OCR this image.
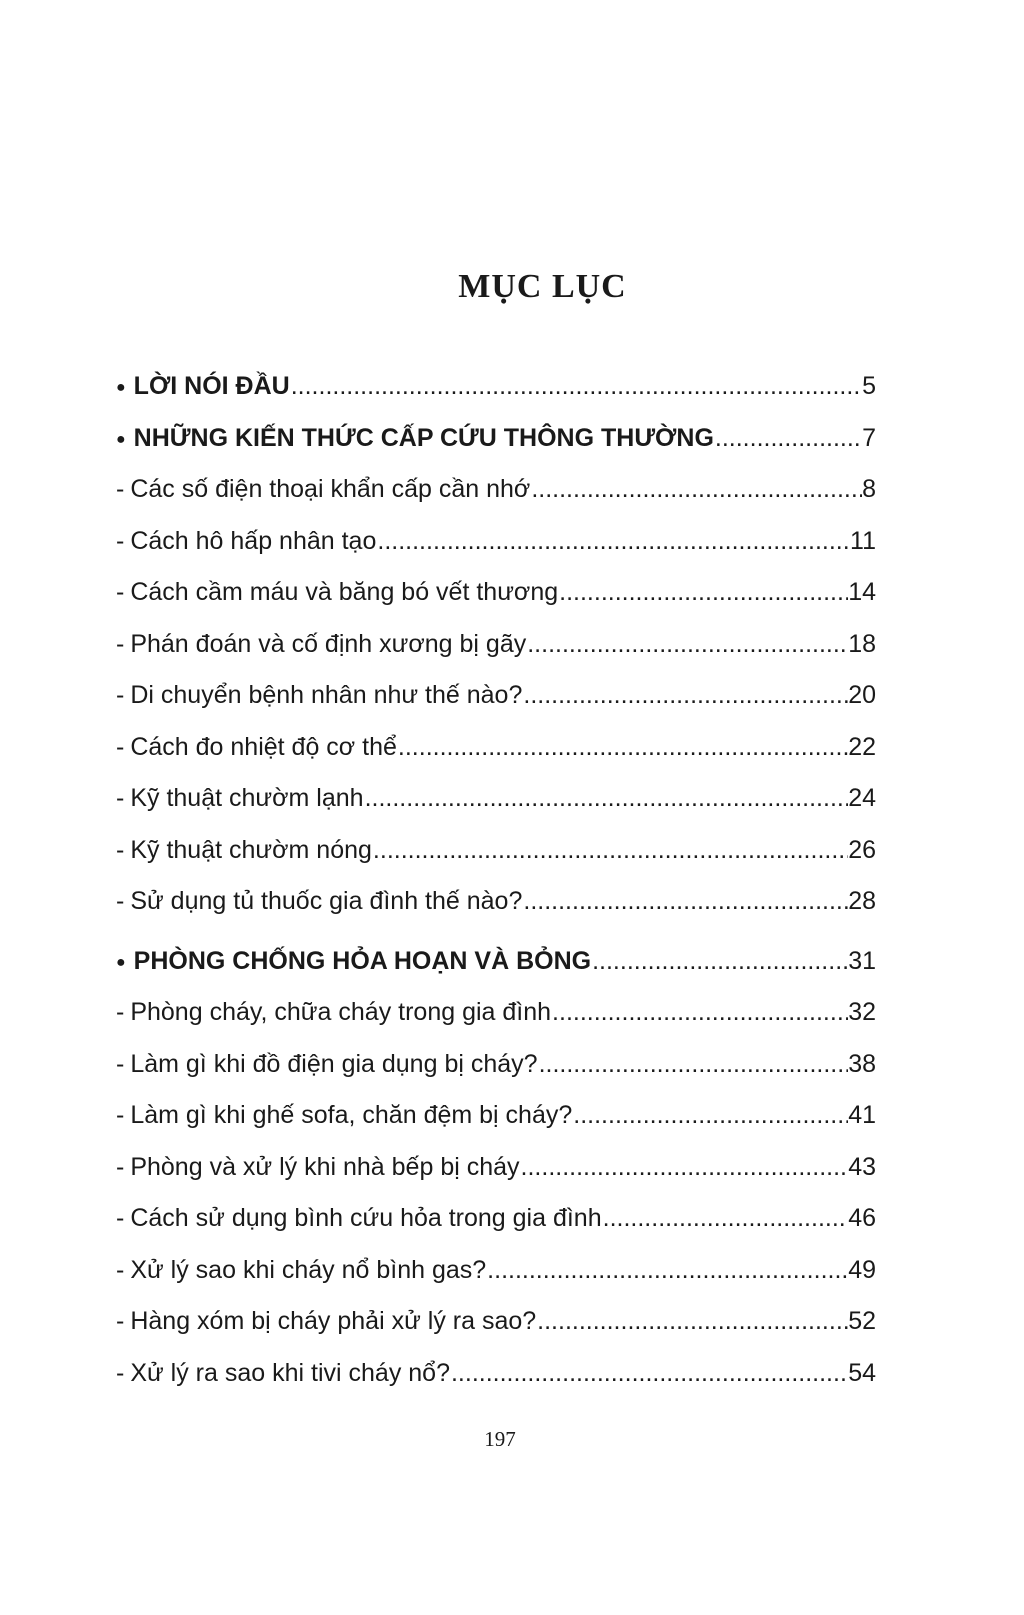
MỤC LỤC
● LỜI NÓI ĐẦU .....	5
● NHỮNG KIẾN THỨC CẤP CỨU THÔNG THƯỜNG .....	7
- Các số điện thoại khẩn cấp cần nhớ .....	8
- Cách hô hấp nhân tạo .....	11
- Cách cầm máu và băng bó vết thương .....	14
- Phán đoán và cố định xương bị gãy .....	18
- Di chuyển bệnh nhân như thế nào? .....	20
- Cách đo nhiệt độ cơ thể .....	22
- Kỹ thuật chườm lạnh .....	24
- Kỹ thuật chườm nóng .....	26
- Sử dụng tủ thuốc gia đình thế nào? .....	28
● PHÒNG CHỐNG HỎA HOẠN VÀ BỎNG .....	31
- Phòng cháy, chữa cháy trong gia đình .....	32
- Làm gì khi đồ điện gia dụng bị cháy? .....	38
- Làm gì khi ghế sofa, chăn đệm bị cháy? .....	41
- Phòng và xử lý khi nhà bếp bị cháy .....	43
- Cách sử dụng bình cứu hỏa trong gia đình .....	46
- Xử lý sao khi cháy nổ bình gas? .....	49
- Hàng xóm bị cháy phải xử lý ra sao? .....	52
- Xử lý ra sao khi tivi cháy nổ? .....	54
197
